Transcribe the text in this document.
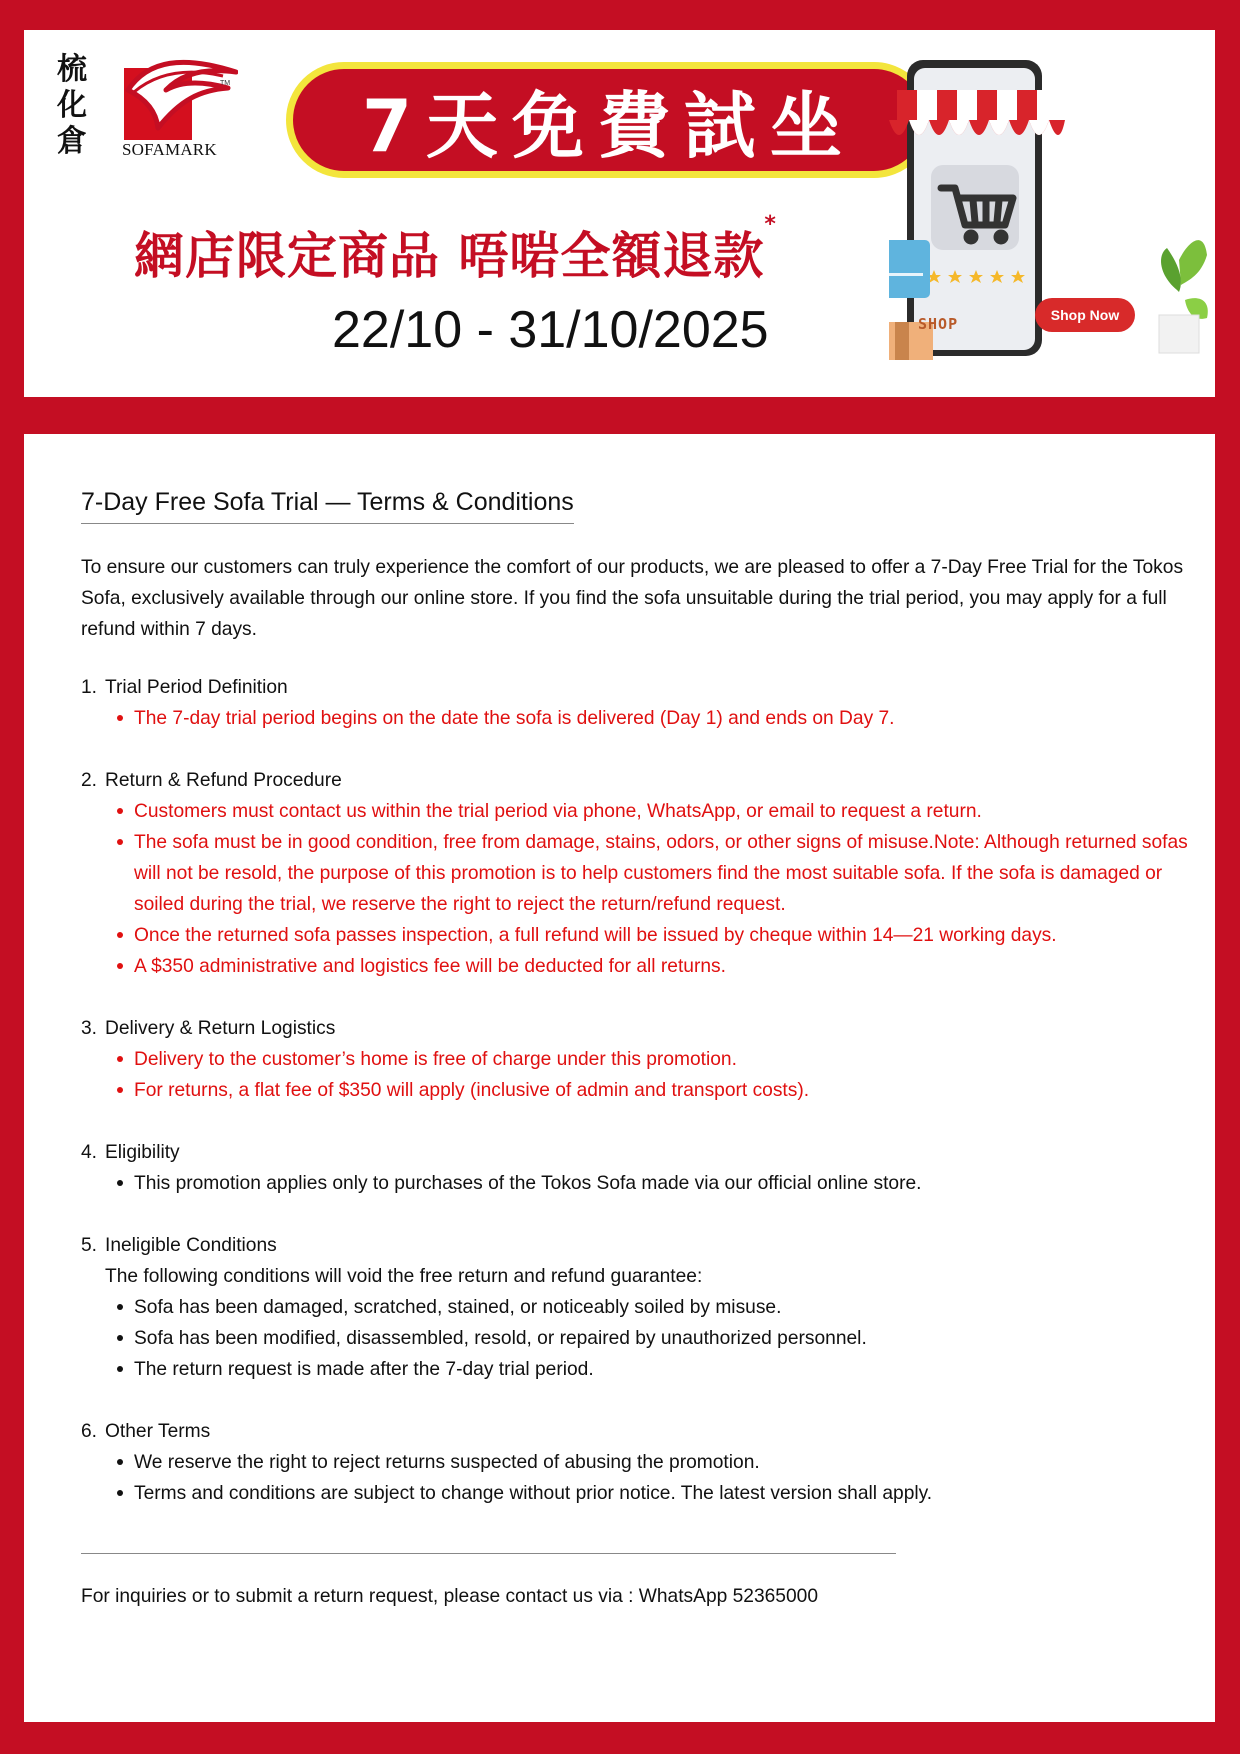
梳化倉
TM
SOFAMARK 7天免費試坐
網店限定商品 唔啱全額退款*
22/10 - 31/10/2025	SHOP	Shop Now
7-Day Free Sofa Trial — Terms & Conditions

To ensure our customers can truly experience the comfort of our products, we are pleased to offer a 7-Day Free Trial for the Tokos Sofa, exclusively available through our online store. If you find the sofa unsuitable during the trial period, you may apply for a full refund within 7 days.

1. Trial Period Definition
The 7-day trial period begins on the date the sofa is delivered (Day 1) and ends on Day 7.
2. Return & Refund Procedure
Customers must contact us within the trial period via phone, WhatsApp, or email to request a return.
The sofa must be in good condition, free from damage, stains, odors, or other signs of misuse.Note: Although returned sofas will not be resold, the purpose of this promotion is to help customers find the most suitable sofa. If the sofa is damaged or soiled during the trial, we reserve the right to reject the return/refund request.
Once the returned sofa passes inspection, a full refund will be issued by cheque within 14—21 working days.
A $350 administrative and logistics fee will be deducted for all returns.
3. Delivery & Return Logistics
Delivery to the customer’s home is free of charge under this promotion.
For returns, a flat fee of $350 will apply (inclusive of admin and transport costs).
4. Eligibility
This promotion applies only to purchases of the Tokos Sofa made via our official online store.
5. Ineligible Conditions
The following conditions will void the free return and refund guarantee:
Sofa has been damaged, scratched, stained, or noticeably soiled by misuse.
Sofa has been modified, disassembled, resold, or repaired by unauthorized personnel.
The return request is made after the 7-day trial period.
6. Other Terms
We reserve the right to reject returns suspected of abusing the promotion.
Terms and conditions are subject to change without prior notice. The latest version shall apply.
For inquiries or to submit a return request, please contact us via : WhatsApp 52365000
